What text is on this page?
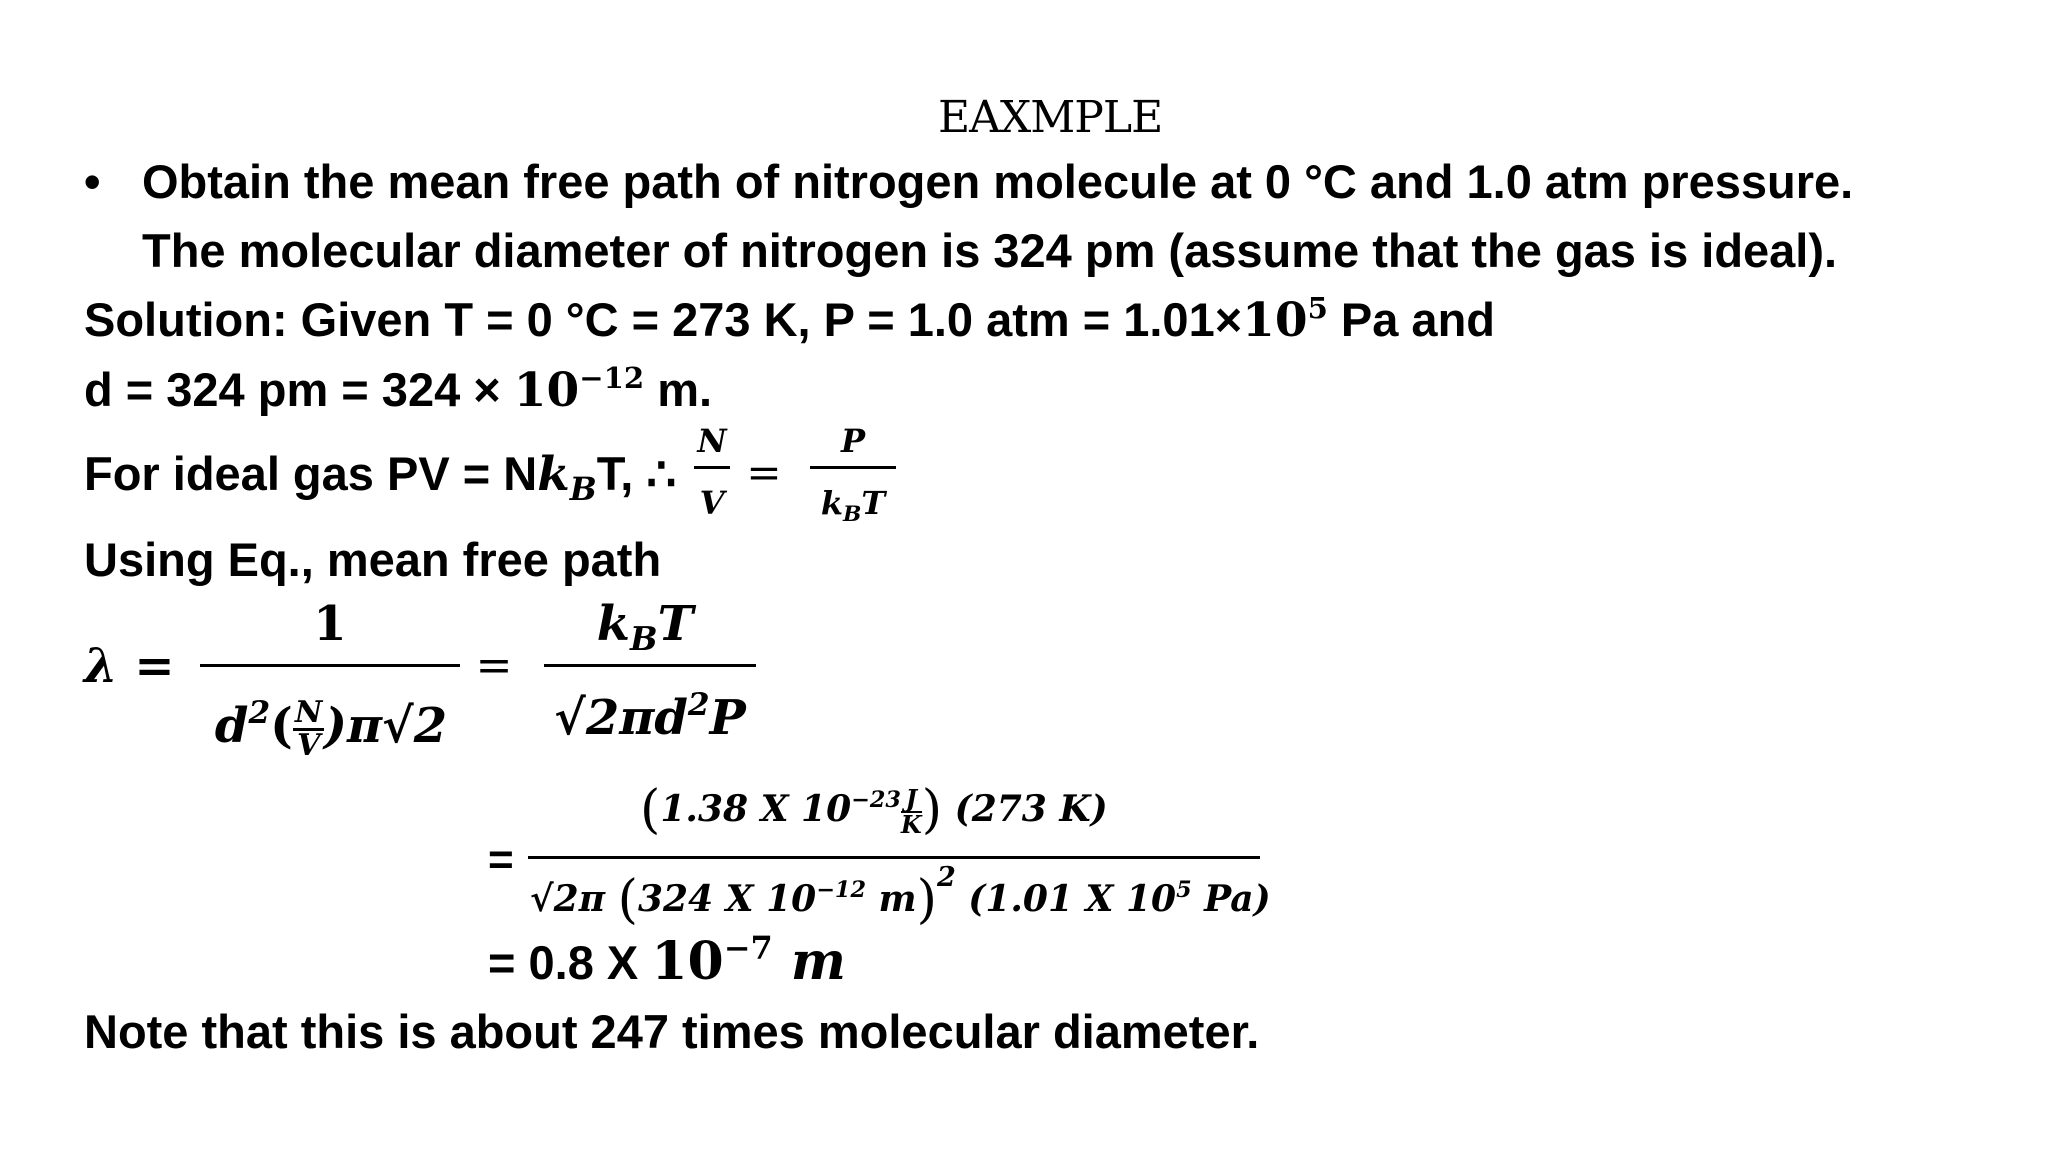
EAXMPLE
• Obtain the mean free path of nitrogen molecule at 0 °C and 1.0 atm pressure.
The molecular diameter of nitrogen is 324 pm (assume that the gas is ideal).
Solution: Given T = 0 °C = 273 K, P = 1.0 atm = $1.01\times 10^5$ Pa and
d = 324 pm = $324 \times 10^{-12}$ m.
For ideal gas PV = $Nk_BT$, ∴
N
V
=
P
$k_BT$
Using Eq., mean free path
λ =
1
$d^2( \frac{N}{V} )\pi√2$
=
$k_BT$
$√2\pi d^2P$
=
(1.38 X $10^{-23} \frac{J}{K}$ ) (273 K)
√2π (324 X $10^{-12}$ m)$^2$ (1.01 X $10^5$ Pa)
= 0.8 X $10^{-7}$ m
Note that this is about 247 times molecular diameter.
